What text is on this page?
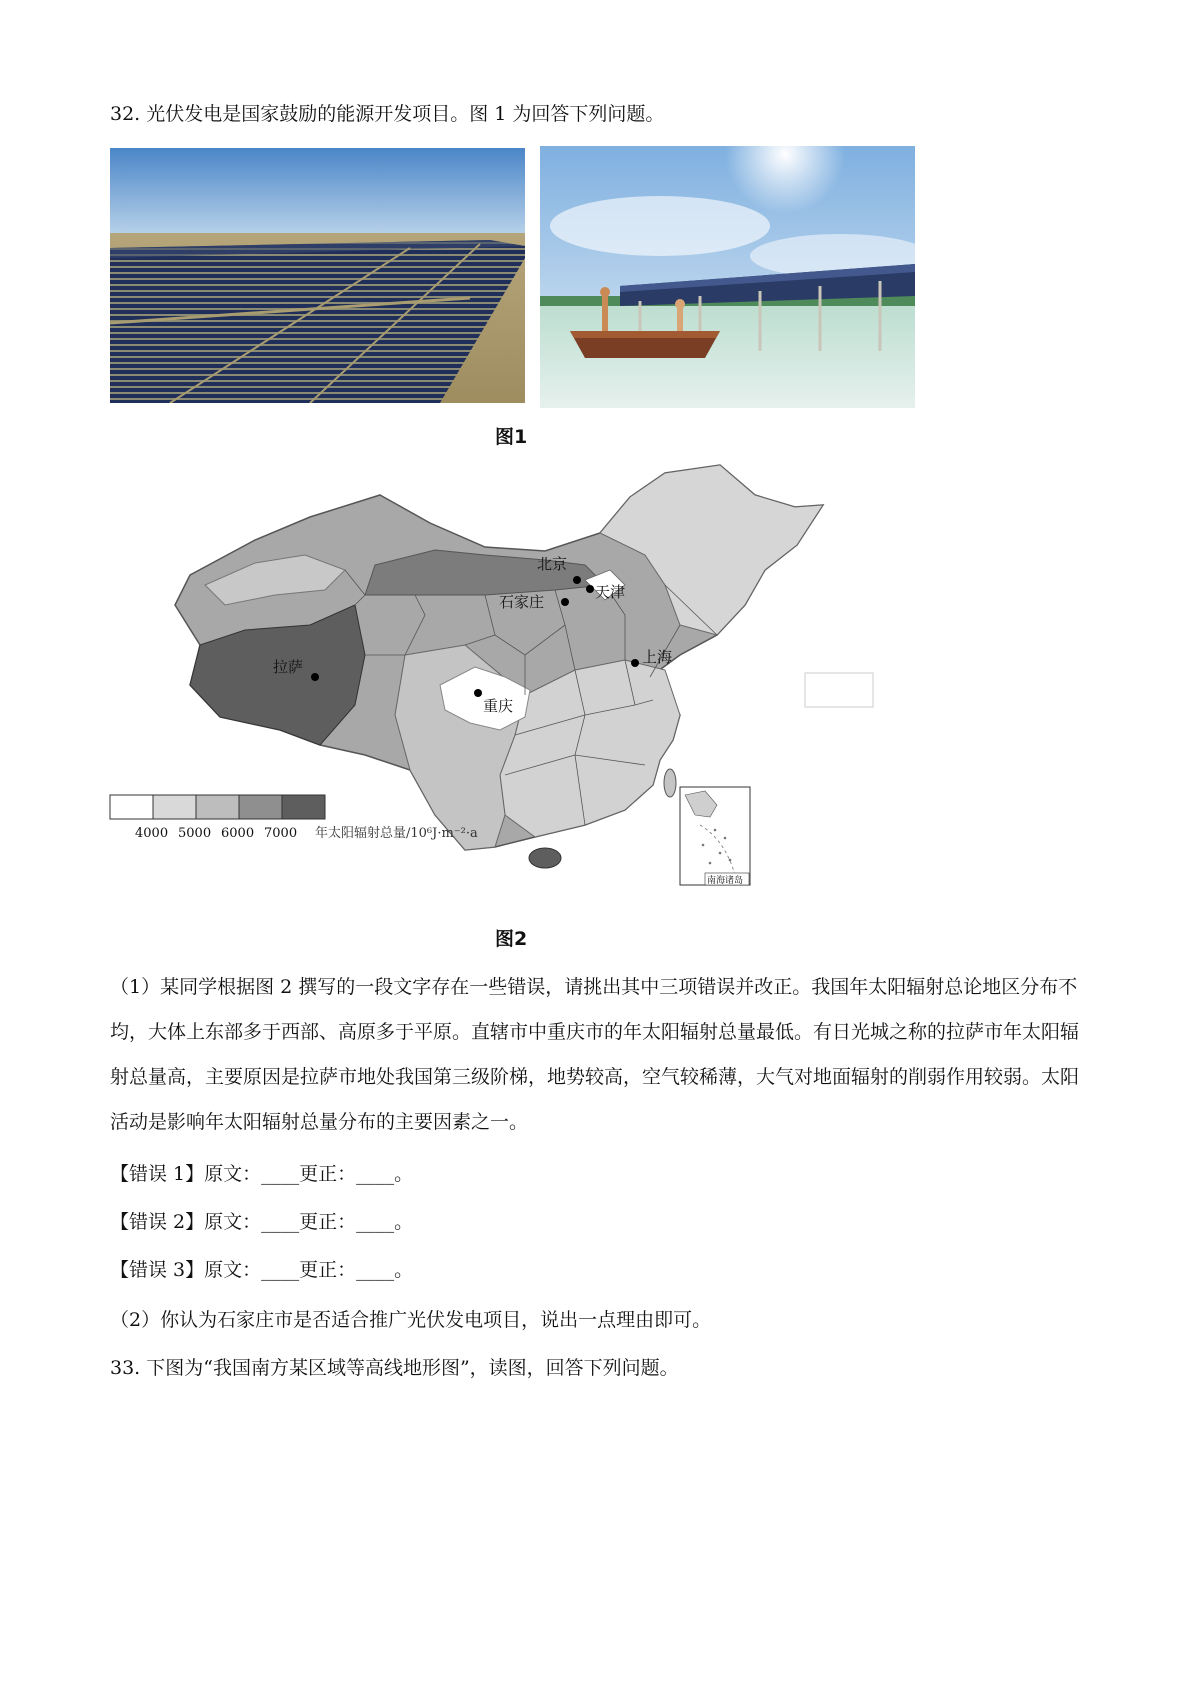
32. 光伏发电是国家鼓励的能源开发项目。图 1 为回答下列问题。
图1
北京
天津
石家庄
上海
拉萨
重庆
南海诸岛
4000 5000 6000 7000 年太阳辐射总量/10⁶J·m⁻²·a
图2
（1）某同学根据图 2 撰写的一段文字存在一些错误，请挑出其中三项错误并改正。我国年太阳辐射总论地区分布不均，大体上东部多于西部、高原多于平原。直辖市中重庆市的年太阳辐射总量最低。有日光城之称的拉萨市年太阳辐射总量高，主要原因是拉萨市地处我国第三级阶梯，地势较高，空气较稀薄，大气对地面辐射的削弱作用较弱。太阳活动是影响年太阳辐射总量分布的主要因素之一。
【错误 1】原文：____更正：____。
【错误 2】原文：____更正：____。
【错误 3】原文：____更正：____。
（2）你认为石家庄市是否适合推广光伏发电项目，说出一点理由即可。
33. 下图为“我国南方某区域等高线地形图”，读图，回答下列问题。
